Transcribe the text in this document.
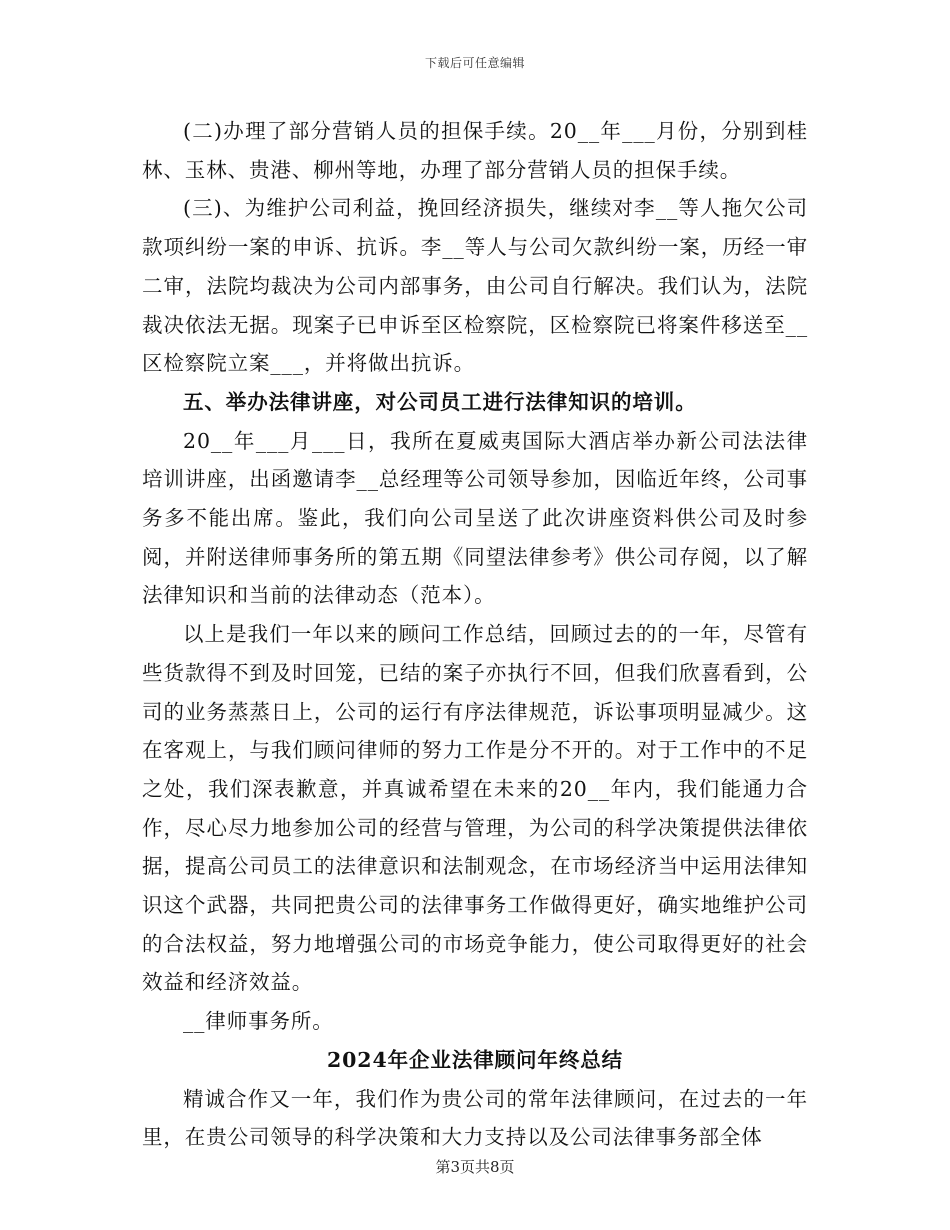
下载后可任意编辑

(二)办理了部分营销人员的担保手续。20__年___月份，分别到桂林、玉林、贵港、柳州等地，办理了部分营销人员的担保手续。

(三)、为维护公司利益，挽回经济损失，继续对李__等人拖欠公司款项纠纷一案的申诉、抗诉。李__等人与公司欠款纠纷一案，历经一审二审，法院均裁决为公司内部事务，由公司自行解决。我们认为，法院裁决依法无据。现案子已申诉至区检察院，区检察院已将案件移送至__区检察院立案___，并将做出抗诉。

五、举办法律讲座，对公司员工进行法律知识的培训。

20__年___月___日，我所在夏威夷国际大酒店举办新公司法法律培训讲座，出函邀请李__总经理等公司领导参加，因临近年终，公司事务多不能出席。鉴此，我们向公司呈送了此次讲座资料供公司及时参阅，并附送律师事务所的第五期《同望法律参考》供公司存阅，以了解法律知识和当前的法律动态（范本）。

以上是我们一年以来的顾问工作总结，回顾过去的的一年，尽管有些货款得不到及时回笼，已结的案子亦执行不回，但我们欣喜看到，公司的业务蒸蒸日上，公司的运行有序法律规范，诉讼事项明显减少。这在客观上，与我们顾问律师的努力工作是分不开的。对于工作中的不足之处，我们深表歉意，并真诚希望在未来的20__年内，我们能通力合作，尽心尽力地参加公司的经营与管理，为公司的科学决策提供法律依据，提高公司员工的法律意识和法制观念，在市场经济当中运用法律知识这个武器，共同把贵公司的法律事务工作做得更好，确实地维护公司的合法权益，努力地增强公司的市场竞争能力，使公司取得更好的社会效益和经济效益。

__律师事务所。

2024年企业法律顾问年终总结

精诚合作又一年，我们作为贵公司的常年法律顾问，在过去的一年里，在贵公司领导的科学决策和大力支持以及公司法律事务部全体

第3页共8页
